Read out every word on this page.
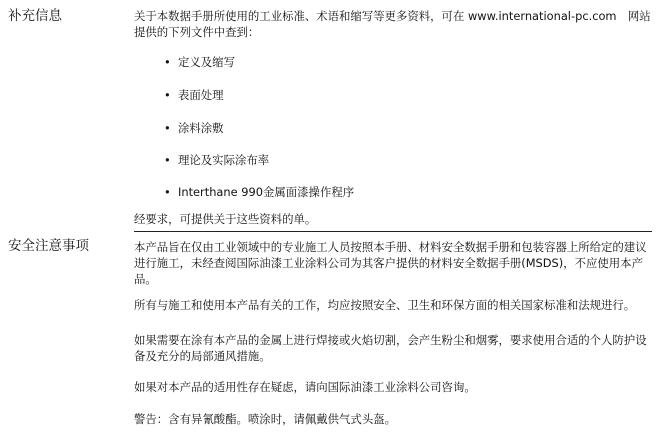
补充信息	关于本数据手册所使用的工业标准、术语和缩写等更多资料，可在 www.international-pc.com　网站提供的下列文件中查到：

• 定义及缩写
• 表面处理
• 涂料涂敷
• 理论及实际涂布率
• Interthane 990金属面漆操作程序

经要求，可提供关于这些资料的单。

安全注意事项	本产品旨在仅由工业领域中的专业施工人员按照本手册、材料安全数据手册和包装容器上所给定的建议进行施工，未经查阅国际油漆工业涂料公司为其客户提供的材料安全数据手册(MSDS)，不应使用本产品。

所有与施工和使用本产品有关的工作，均应按照安全、卫生和环保方面的相关国家标准和法规进行。

如果需要在涂有本产品的金属上进行焊接或火焰切割，会产生粉尘和烟雾，要求使用合适的个人防护设备及充分的局部通风措施。

如果对本产品的适用性存在疑虑，请向国际油漆工业涂料公司咨询。

警告：含有异氰酸酯。喷涂时，请佩戴供气式头盔。
